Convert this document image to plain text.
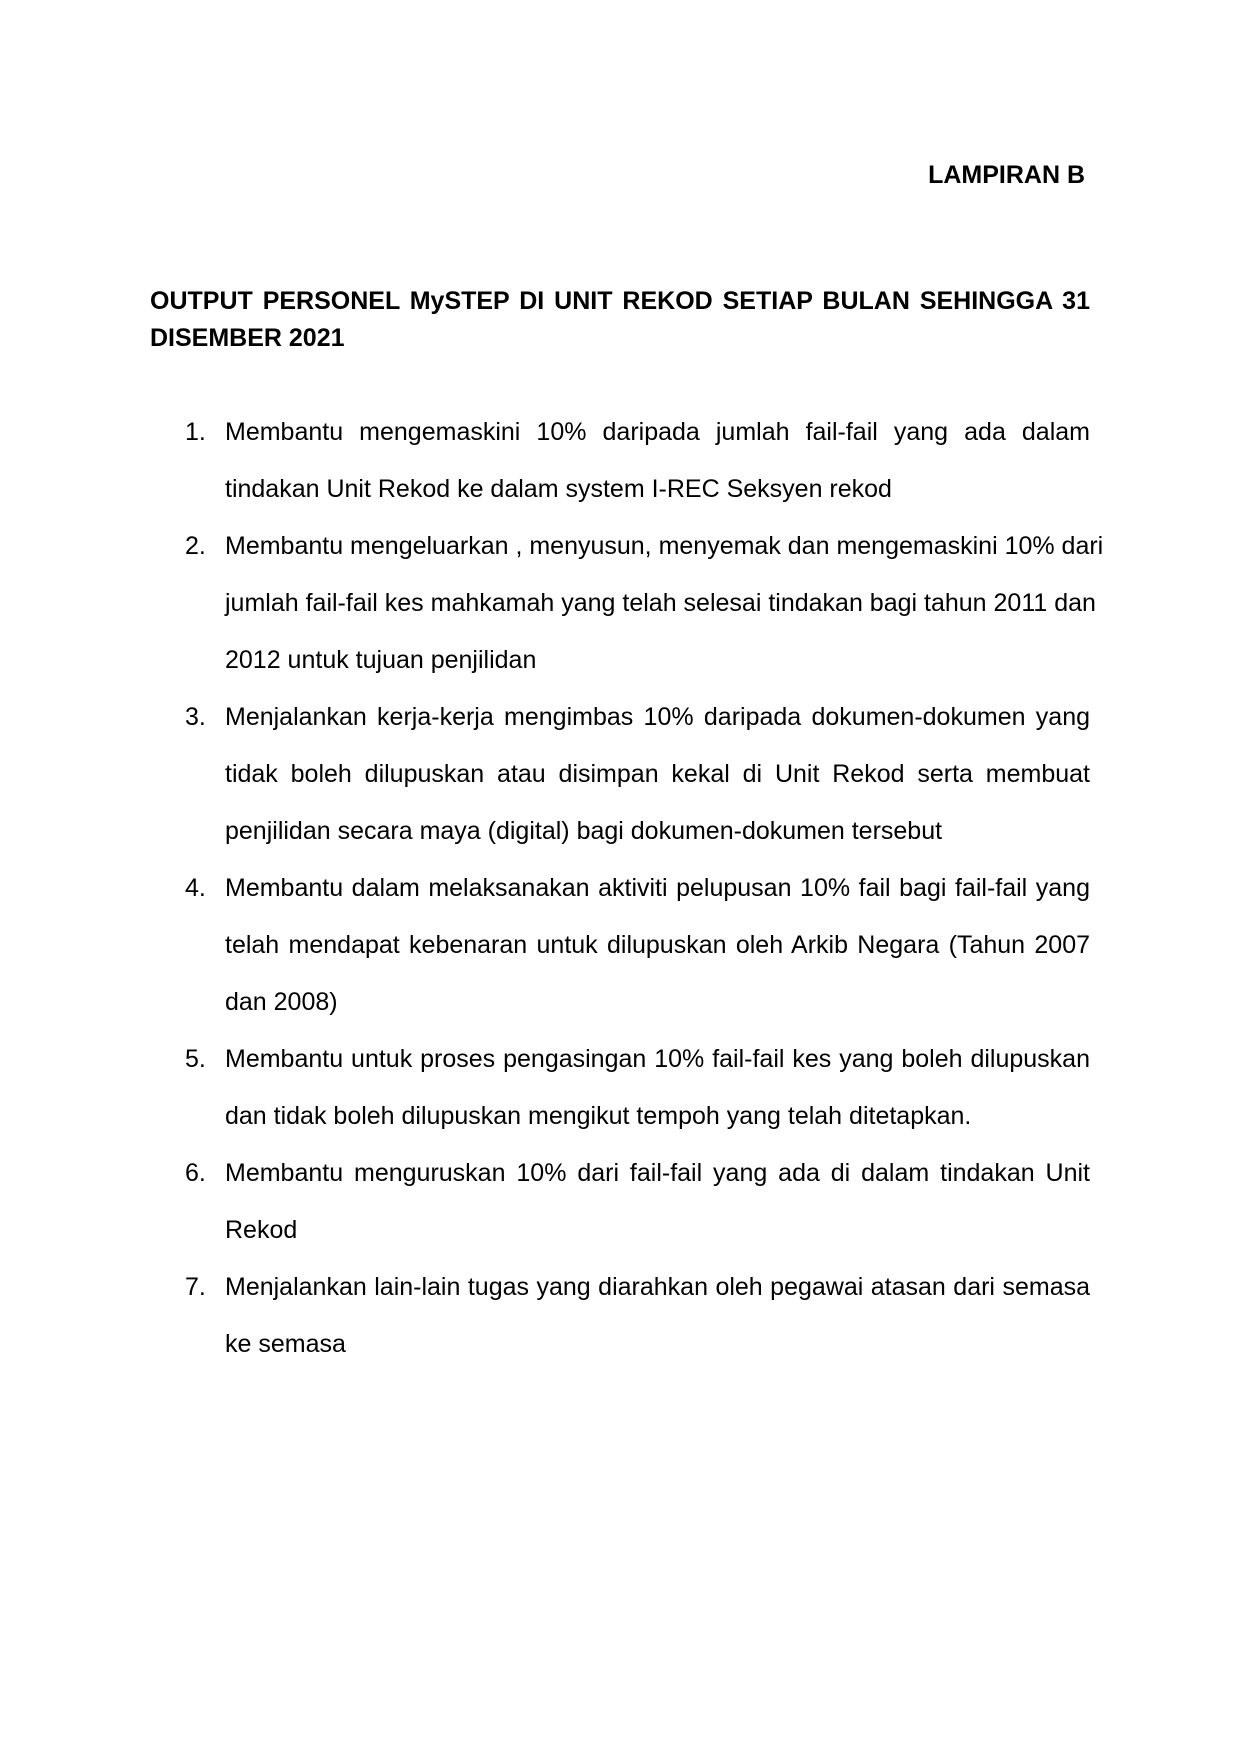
LAMPIRAN B
OUTPUT PERSONEL MySTEP DI UNIT REKOD SETIAP BULAN SEHINGGA 31
DISEMBER 2021
1. Membantu mengemaskini 10% daripada jumlah fail-fail yang ada dalam
tindakan Unit Rekod ke dalam system I-REC Seksyen rekod
2. Membantu mengeluarkan , menyusun, menyemak dan mengemaskini 10% dari
jumlah fail-fail kes mahkamah yang telah selesai tindakan bagi tahun 2011 dan
2012 untuk tujuan penjilidan
3. Menjalankan kerja-kerja mengimbas 10% daripada dokumen-dokumen yang
tidak boleh dilupuskan atau disimpan kekal di Unit Rekod serta membuat
penjilidan secara maya (digital) bagi dokumen-dokumen tersebut
4. Membantu dalam melaksanakan aktiviti pelupusan 10% fail bagi fail-fail yang
telah mendapat kebenaran untuk dilupuskan oleh Arkib Negara (Tahun 2007
dan 2008)
5. Membantu untuk proses pengasingan 10% fail-fail kes yang boleh dilupuskan
dan tidak boleh dilupuskan mengikut tempoh yang telah ditetapkan.
6. Membantu menguruskan 10% dari fail-fail yang ada di dalam tindakan Unit
Rekod
7. Menjalankan lain-lain tugas yang diarahkan oleh pegawai atasan dari semasa
ke semasa
